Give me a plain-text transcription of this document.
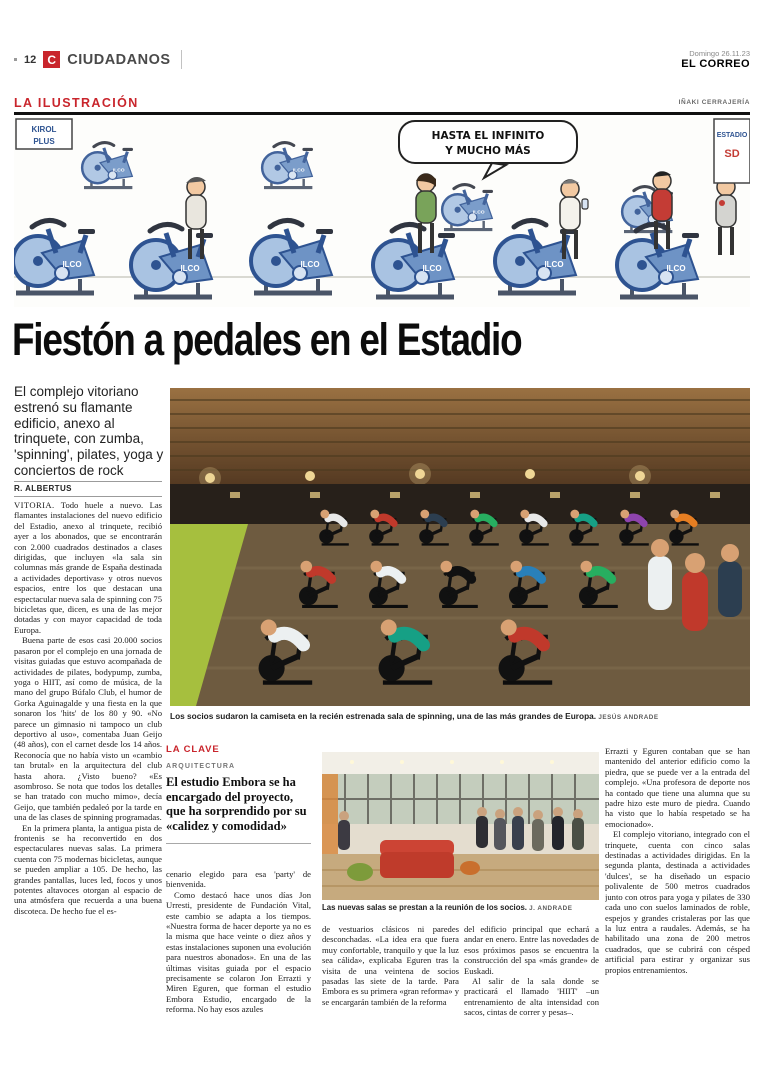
12 C CIUDADANOS	Domingo 26.11.23
EL CORREO
LA ILUSTRACIÓN	IÑAKI CERRAJERÍA
HASTA EL INFINITO
Y MUCHO MÁS
KIROL
PLUS
ESTADIO
SD
Fiestón a pedales en el Estadio
El complejo vitoriano estrenó su flamante edificio, anexo al trinquete, con zumba, 'spinning', pilates, yoga y conciertos de rock
R. ALBERTUS

VITORIA. Todo huele a nuevo. Las flamantes instalaciones del nuevo edificio del Estadio, anexo al trinquete, recibió ayer a los abonados, que se encontrarán con 2.000 cuadrados destinados a clases dirigidas, que incluyen «la sala sin columnas más grande de España destinada a actividades deportivas» y otros nuevos espacios, entre los que destacan una espectacular nueva sala de spinning con 75 bicicletas que, dicen, es una de las mejor dotadas y con mayor capacidad de toda Europa.

Buena parte de esos casi 20.000 socios pasaron por el complejo en una jornada de visitas guiadas que estuvo acompañada de actividades de pilates, bodypump, zumba, yoga o HIIT, así como de música, de la mano del grupo Búfalo Club, el humor de Gorka Aguinagalde y una fiesta en la que sonaron los 'hits' de los 80 y 90. «No parece un gimnasio ni tampoco un club deportivo al uso», comentaba Juan Geijo (48 años), con el carnet desde los 14 años. Reconocía que no había visto un «cambio tan brutal» en la arquitectura del club hasta ahora. ¿Visto bueno? «Es asombroso. Se nota que todos los detalles se han tratado con mucho mimo», decía Geijo, que también pedaleó por la tarde en una de las clases de spinning programadas.

En la primera planta, la antigua pista de frontenis se ha reconvertido en dos espectaculares nuevas salas. La primera cuenta con 75 modernas bicicletas, aunque se pueden ampliar a 105. De hecho, las grandes pantallas, luces led, focos y unos potentes altavoces otorgan al espacio de una atmósfera que recuerda a una buena discoteca. De hecho fue el es-

Los socios sudaron la camiseta en la recién estrenada sala de spinning, una de las más grandes de Europa. JESÚS ANDRADE
LA CLAVE
ARQUITECTURA
El estudio Embora se ha encargado del proyecto, que ha sorprendido por su «calidez y comodidad»

cenario elegido para esa 'party' de bienvenida.

Como destacó hace unos días Jon Urresti, presidente de Fundación Vital, este cambio se adapta a los tiempos. «Nuestra forma de hacer deporte ya no es la misma que hace veinte o diez años y estas instalaciones suponen una evolución para nuestros abonados». En una de las últimas visitas guiada por el espacio precisamente se colaron Jon Errazti y Miren Eguren, que forman el estudio Embora Estudio, encargado de la reforma. No hay esos azules

Las nuevas salas se prestan a la reunión de los socios. J. ANDRADE

de vestuarios clásicos ni paredes desconchadas. «La idea era que fuera muy confortable, tranquilo y que la luz sea cálida», explicaba Eguren tras la visita de una veintena de socios pasadas las siete de la tarde. Para Embora es su primera «gran reforma» y se encargarán también de la reforma

del edificio principal que echará a andar en enero. Entre las novedades de esos próximos pasos se encuentra la construcción del spa «más grande» de Euskadi.

Al salir de la sala donde se practicará el llamado 'HIIT' –un entrenamiento de alta intensidad con sacos, cintas de correr y pesas–.

Errazti y Eguren contaban que se han mantenido del anterior edificio como la piedra, que se puede ver a la entrada del complejo. «Una profesora de deporte nos ha contado que tiene una alumna que su padre hizo este muro de piedra. Cuando ha visto que lo había respetado se ha emocionado».

El complejo vitoriano, integrado con el trinquete, cuenta con cinco salas destinadas a actividades dirigidas. En la segunda planta, destinada a actividades 'dulces', se ha diseñado un espacio polivalente de 500 metros cuadrados junto con otros para yoga y pilates de 330 cada uno con suelos laminados de roble, espejos y grandes cristaleras por las que la luz entra a raudales. Además, se ha habilitado una zona de 200 metros cuadrados, que se cubrirá con césped artificial para estirar y organizar sus propios entrenamientos.
